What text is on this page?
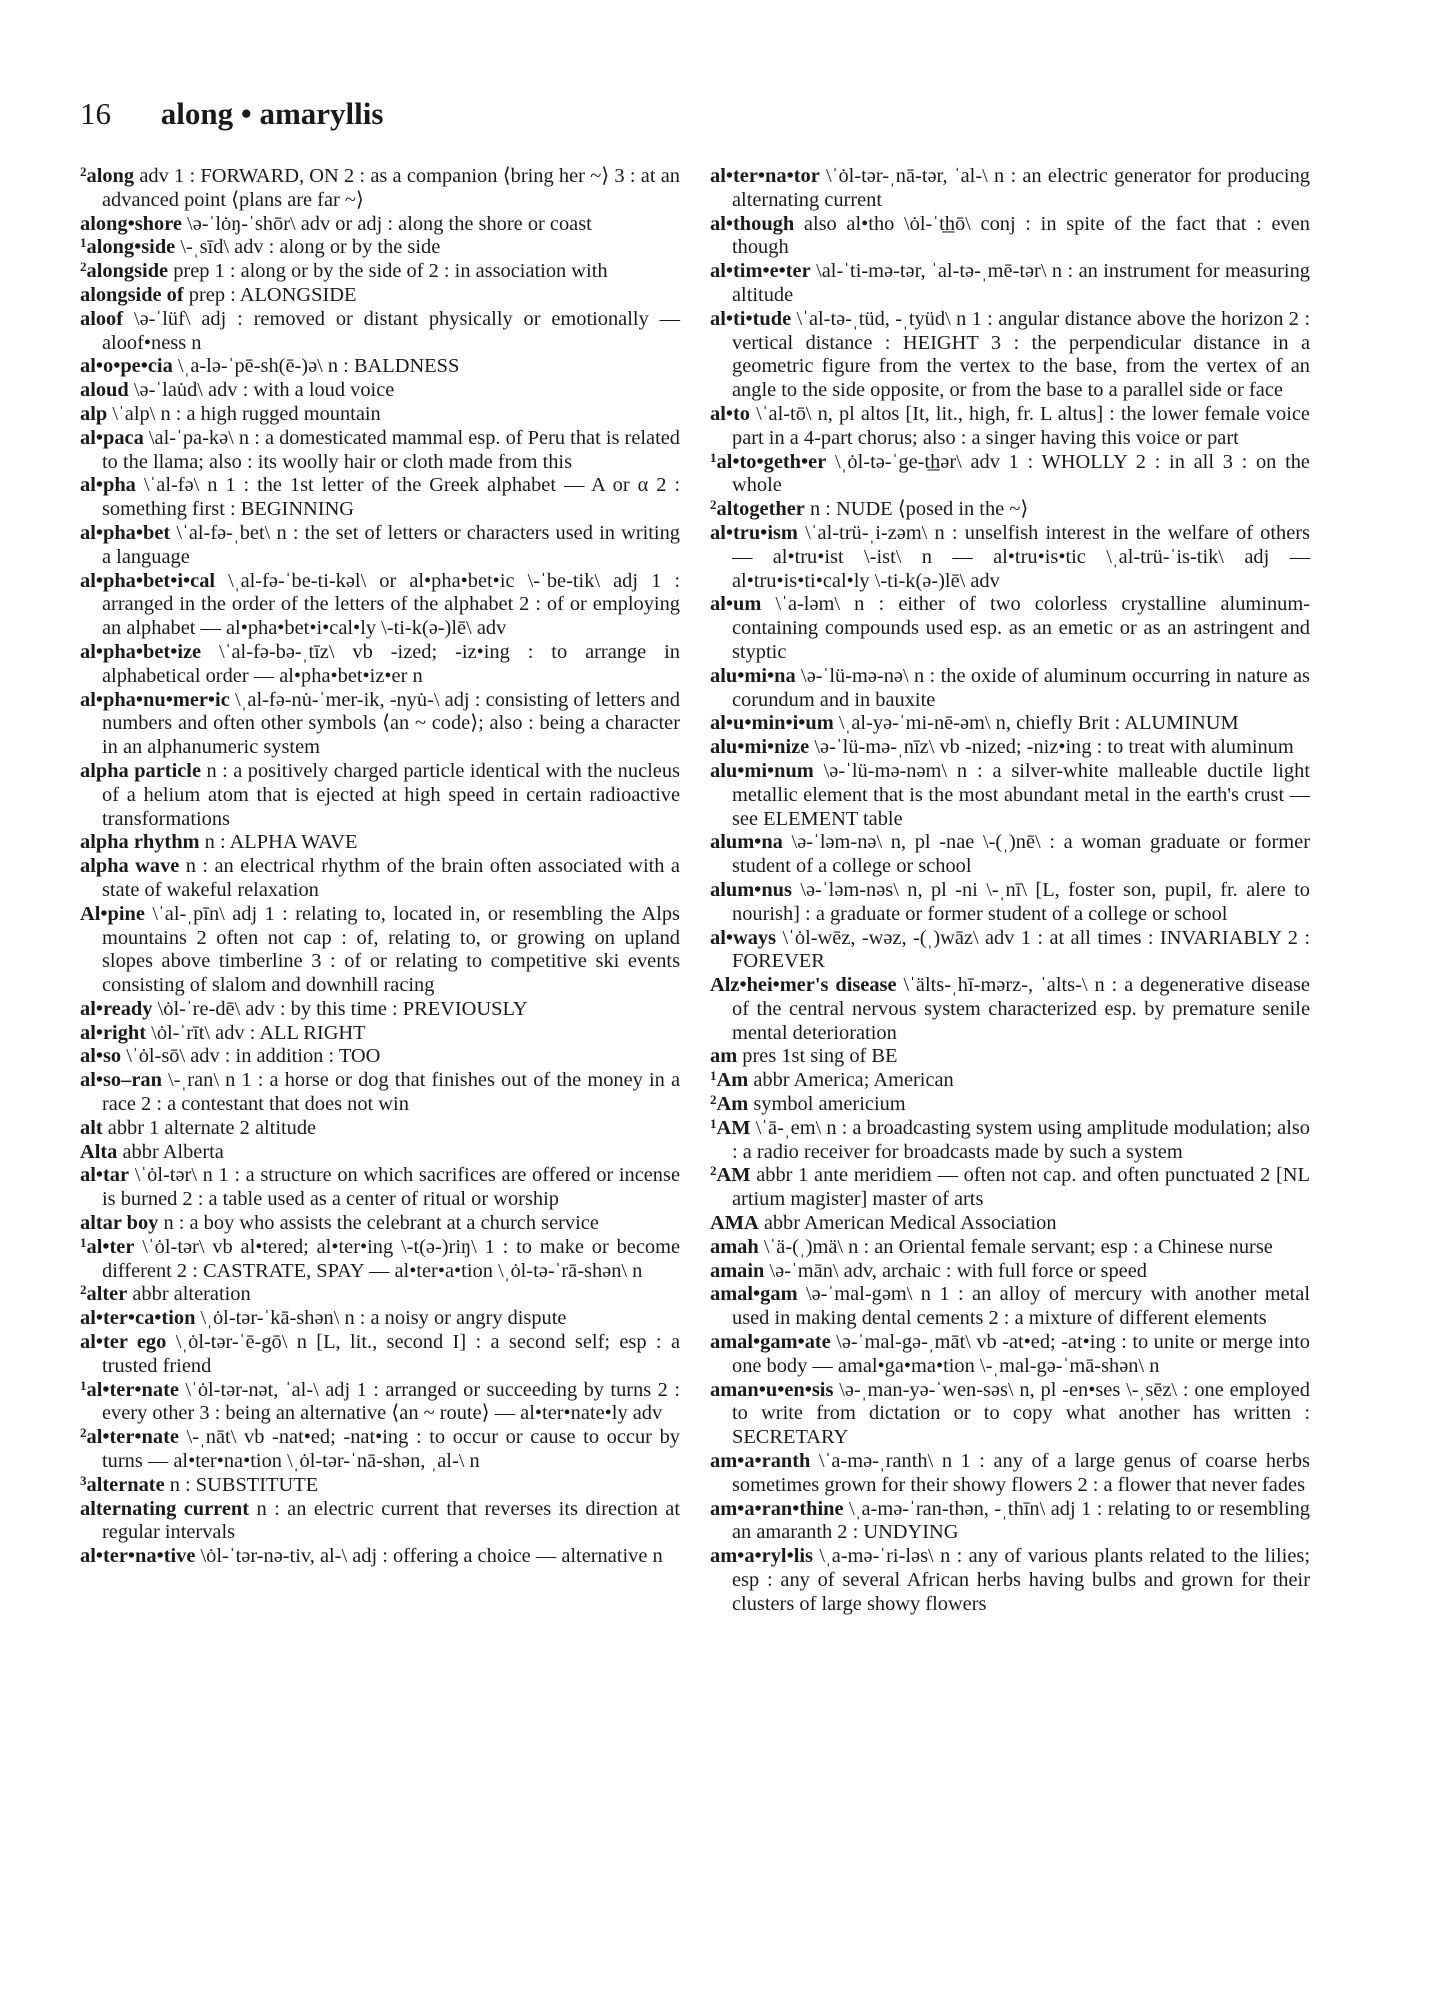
16 along • amaryllis

$^2$along adv 1 : FORWARD, ON 2 : as a companion ⟨bring her ~⟩ 3 : at an advanced point ⟨plans are far ~⟩

along•shore \ə-ˈlȯŋ-ˈshōr\ adv or adj : along the shore or coast

$^1$along•side \-ˌsīd\ adv : along or by the side

$^2$alongside prep 1 : along or by the side of 2 : in association with

alongside of prep : ALONGSIDE

aloof \ə-ˈlüf\ adj : removed or distant physically or emotionally — aloof•ness n

al•o•pe•cia \ˌa-lə-ˈpē-sh(ē-)ə\ n : BALDNESS

aloud \ə-ˈlau̇d\ adv : with a loud voice

alp \ˈalp\ n : a high rugged mountain

al•paca \al-ˈpa-kə\ n : a domesticated mammal esp. of Peru that is related to the llama; also : its woolly hair or cloth made from this

al•pha \ˈal-fə\ n 1 : the 1st letter of the Greek alphabet — A or α 2 : something first : BEGINNING

al•pha•bet \ˈal-fə-ˌbet\ n : the set of letters or characters used in writing a language

al•pha•bet•i•cal \ˌal-fə-ˈbe-ti-kəl\ or al•pha•bet•ic \-ˈbe-tik\ adj 1 : arranged in the order of the letters of the alphabet 2 : of or employing an alphabet — al•pha•bet•i•cal•ly \-ti-k(ə-)lē\ adv

al•pha•bet•ize \ˈal-fə-bə-ˌtīz\ vb -ized; -iz•ing : to arrange in alphabetical order — al•pha•bet•iz•er n

al•pha•nu•mer•ic \ˌal-fə-nu̇-ˈmer-ik, -nyu̇-\ adj : consisting of letters and numbers and often other symbols ⟨an ~ code⟩; also : being a character in an alphanumeric system

alpha particle n : a positively charged particle identical with the nucleus of a helium atom that is ejected at high speed in certain radioactive transformations

alpha rhythm n : ALPHA WAVE

alpha wave n : an electrical rhythm of the brain often associated with a state of wakeful relaxation

Al•pine \ˈal-ˌpīn\ adj 1 : relating to, located in, or resembling the Alps mountains 2 often not cap : of, relating to, or growing on upland slopes above timberline 3 : of or relating to competitive ski events consisting of slalom and downhill racing

al•ready \ȯl-ˈre-dē\ adv : by this time : PREVIOUSLY

al•right \ȯl-ˈrīt\ adv : ALL RIGHT

al•so \ˈȯl-sō\ adv : in addition : TOO

al•so–ran \-ˌran\ n 1 : a horse or dog that finishes out of the money in a race 2 : a contestant that does not win

alt abbr 1 alternate 2 altitude

Alta abbr Alberta

al•tar \ˈȯl-tər\ n 1 : a structure on which sacrifices are offered or incense is burned 2 : a table used as a center of ritual or worship

altar boy n : a boy who assists the celebrant at a church service

$^1$al•ter \ˈȯl-tər\ vb al•tered; al•ter•ing \-t(ə-)riŋ\ 1 : to make or become different 2 : CASTRATE, SPAY — al•ter•a•tion \ˌȯl-tə-ˈrā-shən\ n

$^2$alter abbr alteration

al•ter•ca•tion \ˌȯl-tər-ˈkā-shən\ n : a noisy or angry dispute

al•ter ego \ˌȯl-tər-ˈē-gō\ n [L, lit., second I] : a second self; esp : a trusted friend

$^1$al•ter•nate \ˈȯl-tər-nət, ˈal-\ adj 1 : arranged or succeeding by turns 2 : every other 3 : being an alternative ⟨an ~ route⟩ — al•ter•nate•ly adv

$^2$al•ter•nate \-ˌnāt\ vb -nat•ed; -nat•ing : to occur or cause to occur by turns — al•ter•na•tion \ˌȯl-tər-ˈnā-shən, ˌal-\ n

$^3$alternate n : SUBSTITUTE

alternating current n : an electric current that reverses its direction at regular intervals

al•ter•na•tive \ȯl-ˈtər-nə-tiv, al-\ adj : offering a choice — alternative n

al•ter•na•tor \ˈȯl-tər-ˌnā-tər, ˈal-\ n : an electric generator for producing alternating current

al•though also al•tho \ȯl-ˈt͟hō\ conj : in spite of the fact that : even though

al•tim•e•ter \al-ˈti-mə-tər, ˈal-tə-ˌmē-tər\ n : an instrument for measuring altitude

al•ti•tude \ˈal-tə-ˌtüd, -ˌtyüd\ n 1 : angular distance above the horizon 2 : vertical distance : HEIGHT 3 : the perpendicular distance in a geometric figure from the vertex to the base, from the vertex of an angle to the side opposite, or from the base to a parallel side or face

al•to \ˈal-tō\ n, pl altos [It, lit., high, fr. L altus] : the lower female voice part in a 4-part chorus; also : a singer having this voice or part

$^1$al•to•geth•er \ˌȯl-tə-ˈge-t͟hər\ adv 1 : WHOLLY 2 : in all 3 : on the whole

$^2$altogether n : NUDE ⟨posed in the ~⟩

al•tru•ism \ˈal-trü-ˌi-zəm\ n : unselfish interest in the welfare of others — al•tru•ist \-ist\ n — al•tru•is•tic \ˌal-trü-ˈis-tik\ adj — al•tru•is•ti•cal•ly \-ti-k(ə-)lē\ adv

al•um \ˈa-ləm\ n : either of two colorless crystalline aluminum-containing compounds used esp. as an emetic or as an astringent and styptic

alu•mi•na \ə-ˈlü-mə-nə\ n : the oxide of aluminum occurring in nature as corundum and in bauxite

al•u•min•i•um \ˌal-yə-ˈmi-nē-əm\ n, chiefly Brit : ALUMINUM

alu•mi•nize \ə-ˈlü-mə-ˌnīz\ vb -nized; -niz•ing : to treat with aluminum

alu•mi•num \ə-ˈlü-mə-nəm\ n : a silver-white malleable ductile light metallic element that is the most abundant metal in the earth's crust — see ELEMENT table

alum•na \ə-ˈləm-nə\ n, pl -nae \-(ˌ)nē\ : a woman graduate or former student of a college or school

alum•nus \ə-ˈləm-nəs\ n, pl -ni \-ˌnī\ [L, foster son, pupil, fr. alere to nourish] : a graduate or former student of a college or school

al•ways \ˈȯl-wēz, -wəz, -(ˌ)wāz\ adv 1 : at all times : INVARIABLY 2 : FOREVER

Alz•hei•mer's disease \ˈälts-ˌhī-mərz-, ˈalts-\ n : a degenerative disease of the central nervous system characterized esp. by premature senile mental deterioration

am pres 1st sing of BE

$^1$Am abbr America; American

$^2$Am symbol americium

$^1$AM \ˈā-ˌem\ n : a broadcasting system using amplitude modulation; also : a radio receiver for broadcasts made by such a system

$^2$AM abbr 1 ante meridiem — often not cap. and often punctuated 2 [NL artium magister] master of arts

AMA abbr American Medical Association

amah \ˈä-(ˌ)mä\ n : an Oriental female servant; esp : a Chinese nurse

amain \ə-ˈmān\ adv, archaic : with full force or speed

amal•gam \ə-ˈmal-gəm\ n 1 : an alloy of mercury with another metal used in making dental cements 2 : a mixture of different elements

amal•gam•ate \ə-ˈmal-gə-ˌmāt\ vb -at•ed; -at•ing : to unite or merge into one body — amal•ga•ma•tion \-ˌmal-gə-ˈmā-shən\ n

aman•u•en•sis \ə-ˌman-yə-ˈwen-səs\ n, pl -en•ses \-ˌsēz\ : one employed to write from dictation or to copy what another has written : SECRETARY

am•a•ranth \ˈa-mə-ˌranth\ n 1 : any of a large genus of coarse herbs sometimes grown for their showy flowers 2 : a flower that never fades

am•a•ran•thine \ˌa-mə-ˈran-thən, -ˌthīn\ adj 1 : relating to or resembling an amaranth 2 : UNDYING

am•a•ryl•lis \ˌa-mə-ˈri-ləs\ n : any of various plants related to the lilies; esp : any of several African herbs having bulbs and grown for their clusters of large showy flowers
